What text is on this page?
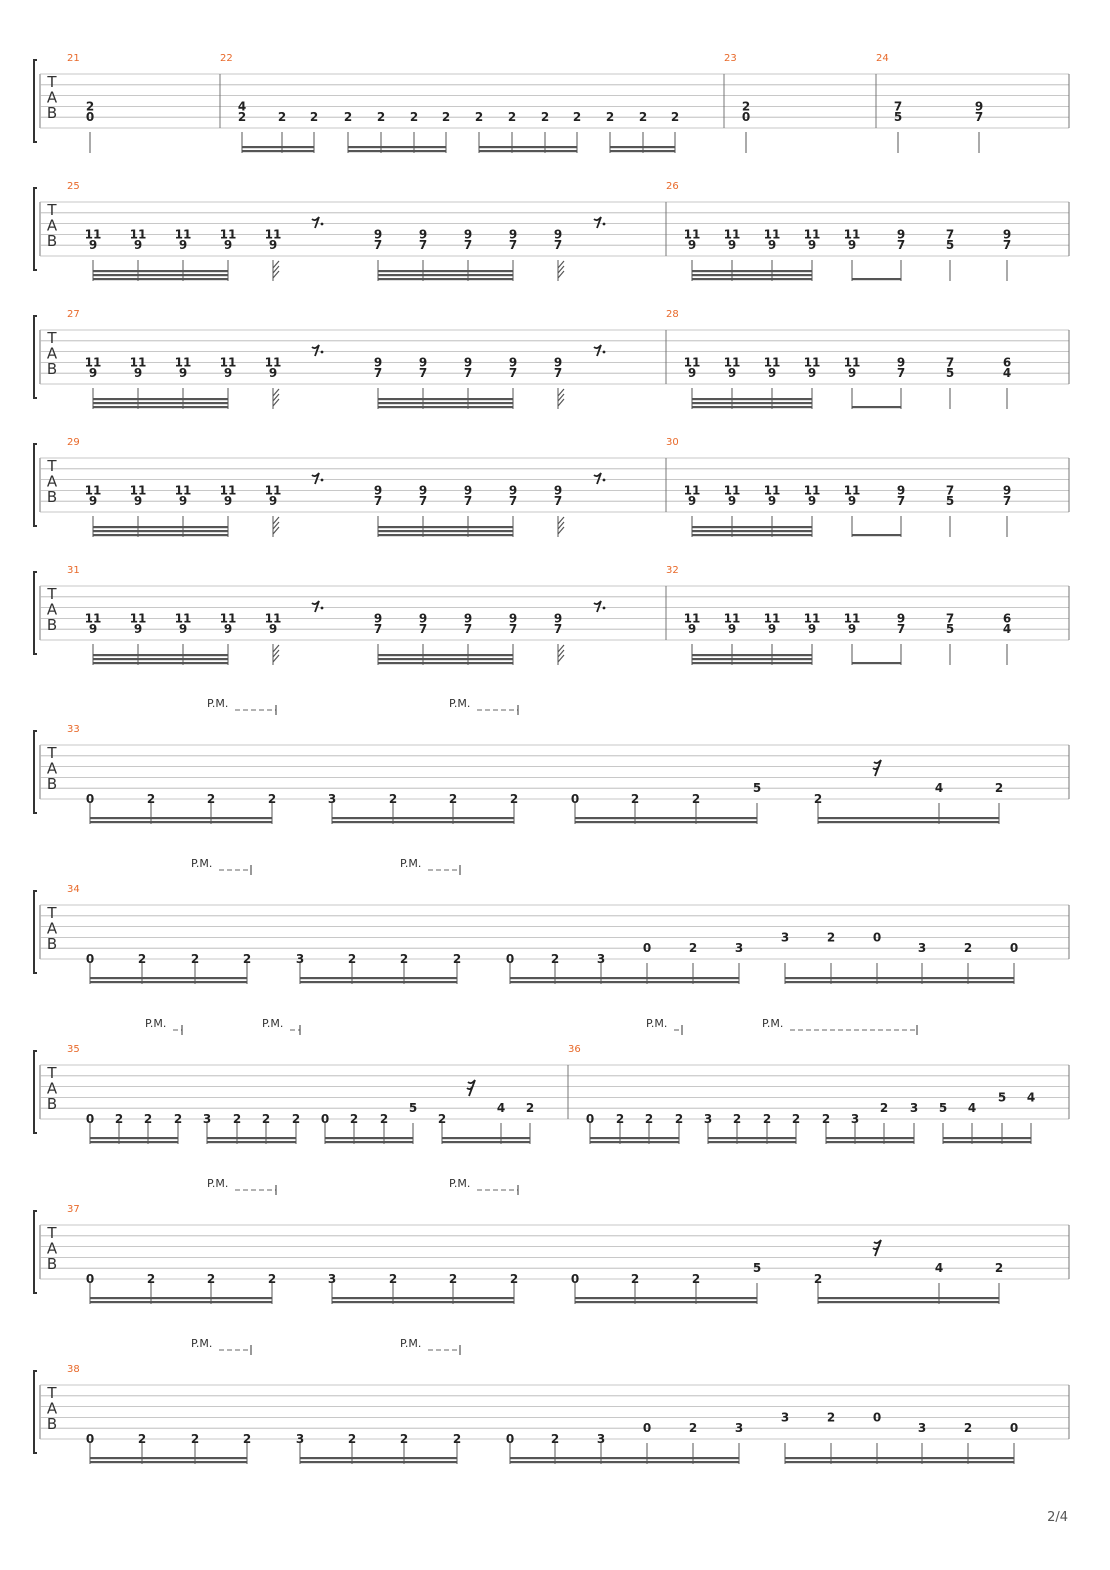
T
A
B
21
2
0
22
4
2	2 2 2 2 2 2 2 2 2 2 2 2 2
23
2
0
24
7
5
9
7
T
A
B
25
11
9
11
9
11
9
11
9
11
9
9
7
9
7
9
7
9
7
9
7
26
11
9
11
9
11
9
11
9
11
9
9
7
7
5
9
7
T
A
B
27
11
9
11
9
11
9
11
9
11
9
9
7
9
7
9
7
9
7
9
7
28
11
9
11
9
11
9
11
9
11
9
9
7
7
5
6
4
T
A
B
29
11
9
11
9
11
9
11
9
11
9
9
7
9
7
9
7
9
7
9
7
30
11
9
11
9
11
9
11
9
11
9
9
7
7
5
9
7
T
A
B
31
11
9
11
9
11
9
11
9
11
9
9
7
9
7
9
7
9
7
9
7
32
11
9
11
9
11
9
11
9
11
9
9
7
7
5
6
4
T
A
B
P.M.	P.M.
33
0	2	2	2	3	2	2	2	0	2	2
5
2
4	2
T
A
B
P.M.	P.M.
34
0	2	2	2	3	2	2	2	0	2	3
0	2	3
3	2	0
3	2	0
T
A
B
P.M.	P.M.	P.M.	P.M.
35
0 2 2 2 3 2 2 2 0 2 2
5
2
4 2
36
0 2 2 2 3 2 2 2 2 3
2 3 5 4
5 4
T
A
B
P.M.	P.M.
37
0	2	2	2	3	2	2	2	0	2	2
5
2
4	2
T
A
B
P.M.	P.M.
38
0	2	2	2	3	2	2	2	0	2	3
0	2	3
3	2	0
3	2	0
2/4
